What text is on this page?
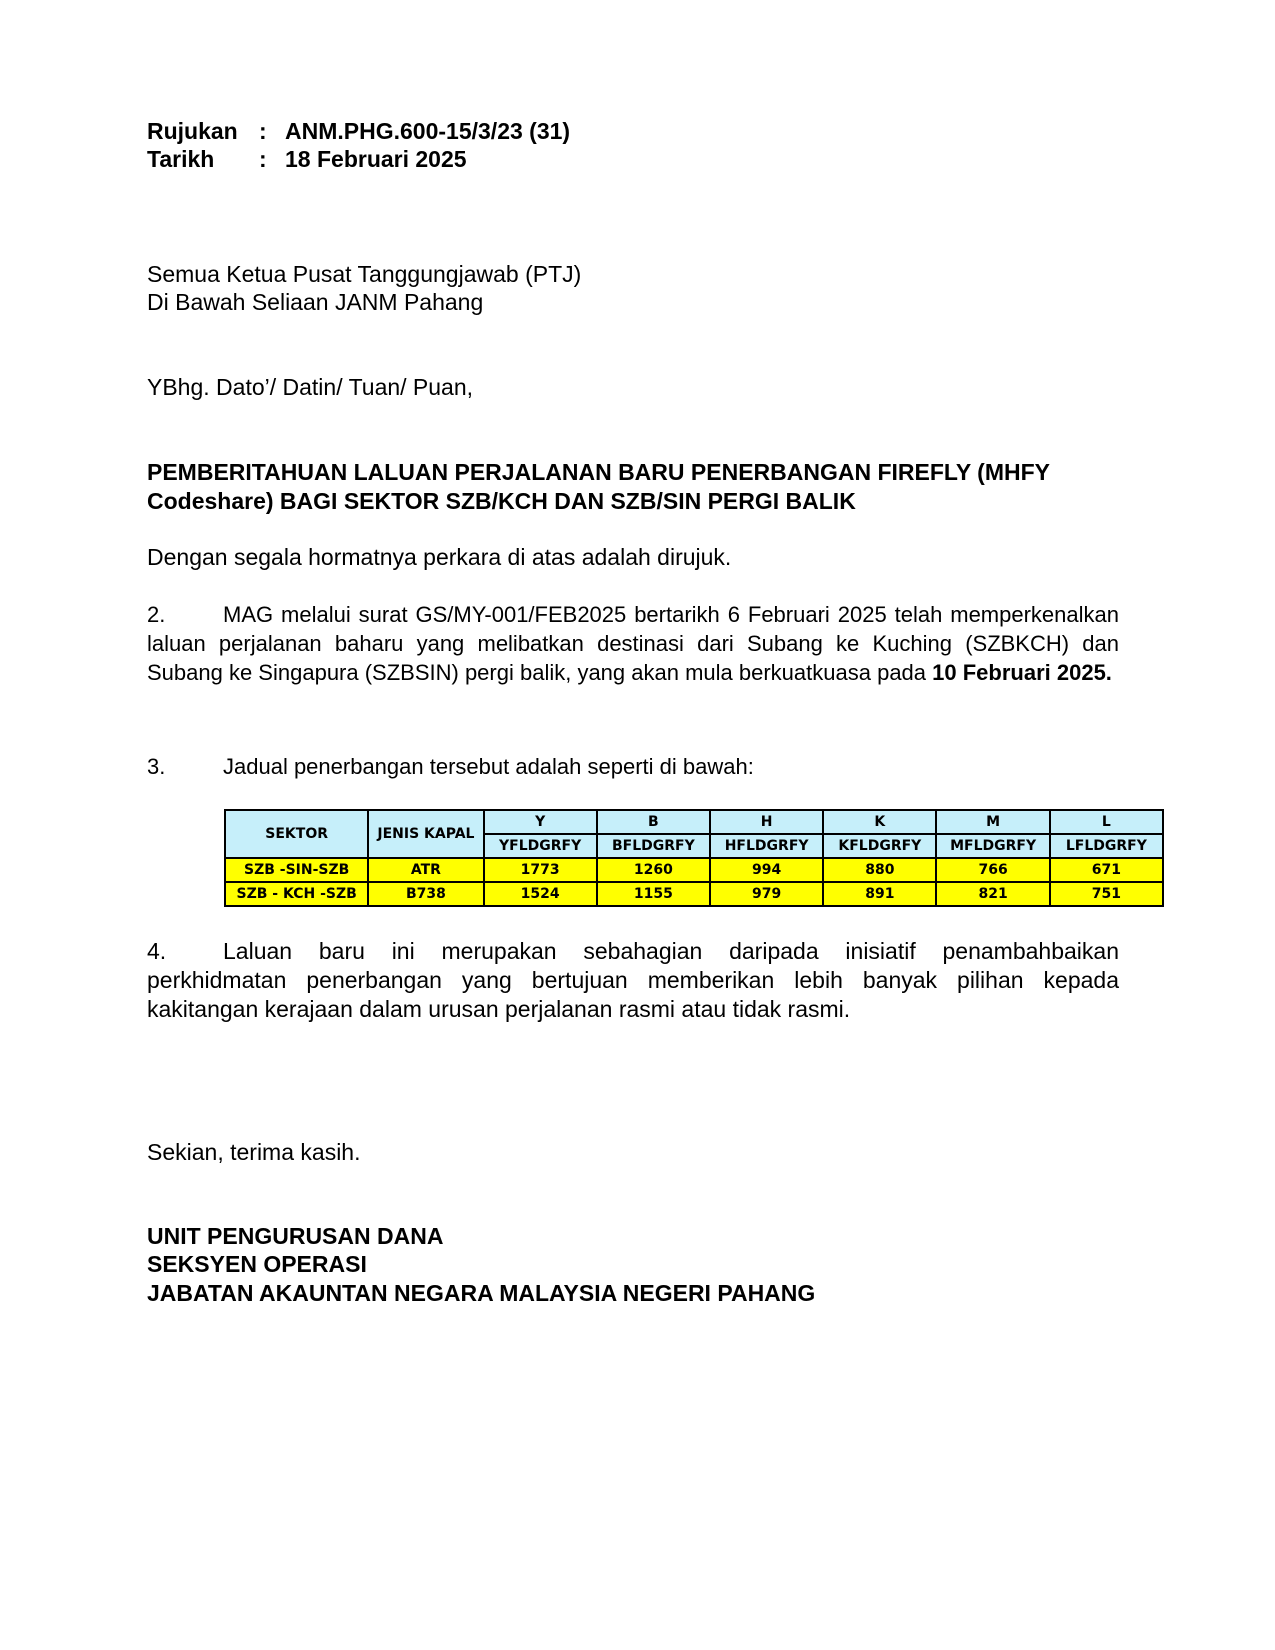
Rujukan : ANM.PHG.600-15/3/23 (31)
Tarikh : 18 Februari 2025
Semua Ketua Pusat Tanggungjawab (PTJ)
Di Bawah Seliaan JANM Pahang
YBhg. Dato’/ Datin/ Tuan/ Puan,
PEMBERITAHUAN LALUAN PERJALANAN BARU PENERBANGAN FIREFLY (MHFY
Codeshare) BAGI SEKTOR SZB/KCH DAN SZB/SIN PERGI BALIK
Dengan segala hormatnya perkara di atas adalah dirujuk.
2.	MAG melalui surat GS/MY-001/FEB2025 bertarikh 6 Februari 2025 telah memperkenalkan laluan perjalanan baharu yang melibatkan destinasi dari Subang ke Kuching (SZBKCH) dan Subang ke Singapura (SZBSIN) pergi balik, yang akan mula berkuatkuasa pada 10 Februari 2025.
3.	Jadual penerbangan tersebut adalah seperti di bawah:
SEKTOR	JENIS KAPAL	Y	B	H	K	M	L
		YFLDGRFY	BFLDGRFY	HFLDGRFY	KFLDGRFY	MFLDGRFY	LFLDGRFY
SZB -SIN-SZB	ATR	1773	1260	994	880	766	671
SZB - KCH -SZB	B738	1524	1155	979	891	821	751
4. Laluan baru ini merupakan sebahagian daripada inisiatif penambahbaikan perkhidmatan penerbangan yang bertujuan memberikan lebih banyak pilihan kepada kakitangan kerajaan dalam urusan perjalanan rasmi atau tidak rasmi.
Sekian, terima kasih.
UNIT PENGURUSAN DANA
SEKSYEN OPERASI
JABATAN AKAUNTAN NEGARA MALAYSIA NEGERI PAHANG
